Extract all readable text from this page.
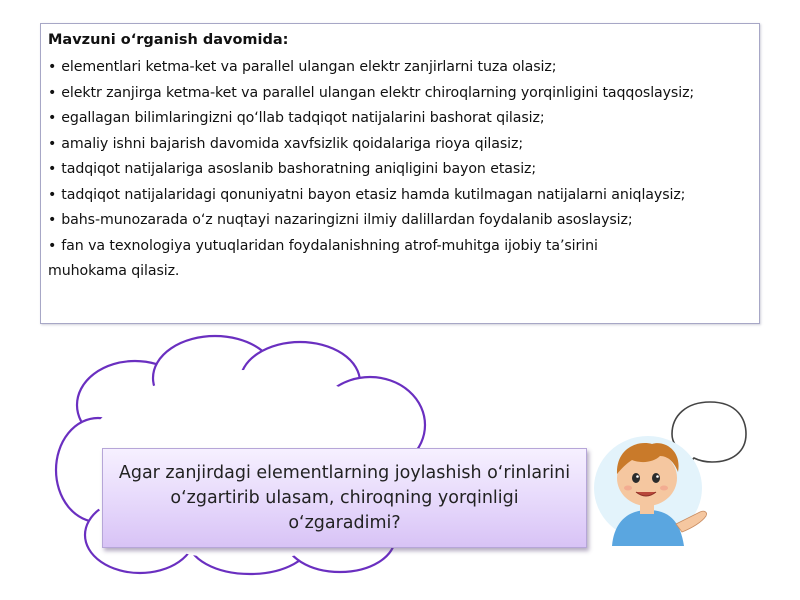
Mavzuni o‘rganish davomida:
• elementlari ketma-ket va parallel ulangan elektr zanjirlarni tuza olasiz;
• elektr zanjirga ketma-ket va parallel ulangan elektr chiroqlarning yorqinligini taqqoslaysiz;
• egallagan bilimlaringizni qo‘llab tadqiqot natijalarini bashorat qilasiz;
• amaliy ishni bajarish davomida xavfsizlik qoidalariga rioya qilasiz;
• tadqiqot natijalariga asoslanib bashoratning aniqligini bayon etasiz;
• tadqiqot natijalaridagi qonuniyatni bayon etasiz hamda kutilmagan natijalarni aniqlaysiz;
• bahs-munozarada o‘z nuqtayi nazaringizni ilmiy dalillardan foydalanib asoslaysiz;
• fan va texnologiya yutuqlaridan foydalanishning atrof-muhitga ijobiy ta’sirini muhokama qilasiz.
Agar zanjirdagi elementlarning joylashish o‘rinlarini o‘zgartirib ulasam, chiroqning yorqinligi o‘zgaradimi?
